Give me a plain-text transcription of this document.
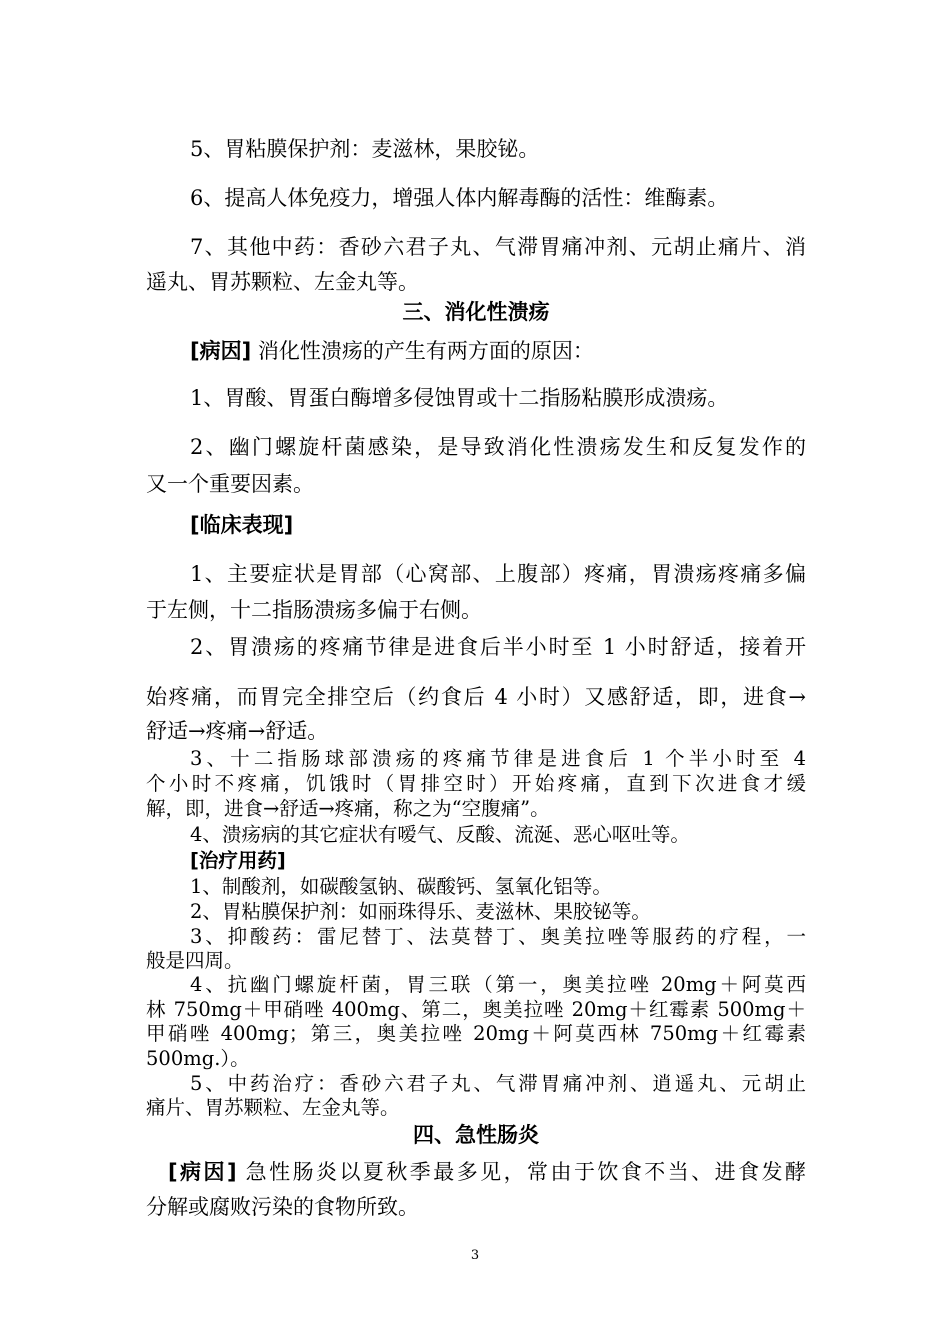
5、胃粘膜保护剂：麦滋林，果胶铋。
6、提高人体免疫力，增强人体内解毒酶的活性：维酶素。
7、其他中药：香砂六君子丸、气滞胃痛冲剂、元胡止痛片、消
遥丸、胃苏颗粒、左金丸等。
三、消化性溃疡
[病因] 消化性溃疡的产生有两方面的原因：
1、胃酸、胃蛋白酶增多侵蚀胃或十二指肠粘膜形成溃疡。
2、幽门螺旋杆菌感染，是导致消化性溃疡发生和反复发作的
又一个重要因素。
[临床表现]
1、主要症状是胃部（心窝部、上腹部）疼痛，胃溃疡疼痛多偏
于左侧，十二指肠溃疡多偏于右侧。
2、胃溃疡的疼痛节律是进食后半小时至 1 小时舒适，接着开
始疼痛，而胃完全排空后（约食后 4 小时）又感舒适，即，进食→
舒适→疼痛→舒适。
3、十二指肠球部溃疡的疼痛节律是进食后 1 个半小时至 4
个小时不疼痛，饥饿时（胃排空时）开始疼痛，直到下次进食才缓
解，即，进食→舒适→疼痛，称之为“空腹痛”。
4、溃疡病的其它症状有嗳气、反酸、流涎、恶心呕吐等。
[治疗用药]
1、制酸剂，如碳酸氢钠、碳酸钙、氢氧化铝等。
2、胃粘膜保护剂：如丽珠得乐、麦滋林、果胶铋等。
3、抑酸药：雷尼替丁、法莫替丁、奥美拉唑等服药的疗程，一
般是四周。
4、抗幽门螺旋杆菌，胃三联（第一，奥美拉唑 20mg＋阿莫西
林 750mg＋甲硝唑 400mg、第二，奥美拉唑 20mg＋红霉素 500mg＋
甲硝唑 400mg；第三，奥美拉唑 20mg＋阿莫西林 750mg＋红霉素
500mg.）。
5、中药治疗：香砂六君子丸、气滞胃痛冲剂、逍遥丸、元胡止
痛片、胃苏颗粒、左金丸等。
四、急性肠炎
[病因] 急性肠炎以夏秋季最多见，常由于饮食不当、进食发酵
分解或腐败污染的食物所致。
3
